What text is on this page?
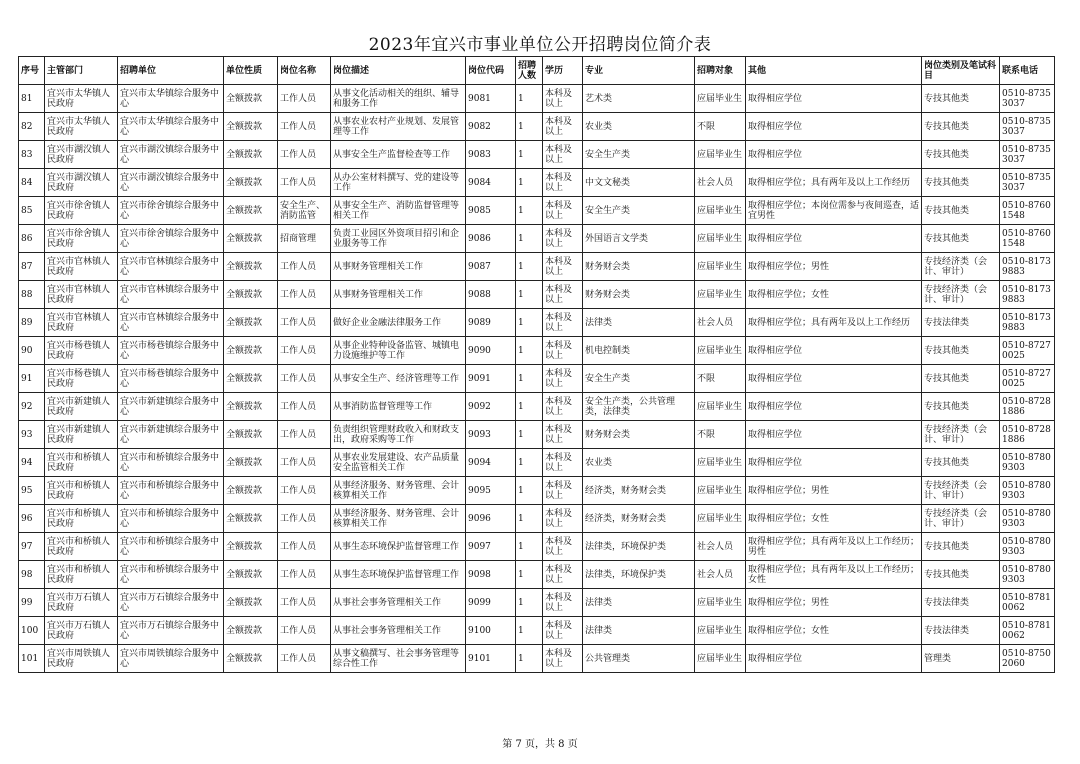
2023年宜兴市事业单位公开招聘岗位简介表
序号	主管部门	招聘单位	单位性质	岗位名称	岗位描述	岗位代码	招聘人数	学历	专业	招聘对象	其他	岗位类别及笔试科目	联系电话
81	宜兴市太华镇人民政府	宜兴市太华镇综合服务中心	全额拨款	工作人员	从事文化活动相关的组织、辅导和服务工作	9081	1	本科及以上	艺术类	应届毕业生	取得相应学位	专技其他类	0510-87353037
82	宜兴市太华镇人民政府	宜兴市太华镇综合服务中心	全额拨款	工作人员	从事农业农村产业规划、发展管理等工作	9082	1	本科及以上	农业类	不限	取得相应学位	专技其他类	0510-87353037
83	宜兴市湖㳇镇人民政府	宜兴市湖㳇镇综合服务中心	全额拨款	工作人员	从事安全生产监督检查等工作	9083	1	本科及以上	安全生产类	应届毕业生	取得相应学位	专技其他类	0510-87353037
84	宜兴市湖㳇镇人民政府	宜兴市湖㳇镇综合服务中心	全额拨款	工作人员	从办公室材料撰写、党的建设等工作	9084	1	本科及以上	中文文秘类	社会人员	取得相应学位；具有两年及以上工作经历	专技其他类	0510-87353037
85	宜兴市徐舍镇人民政府	宜兴市徐舍镇综合服务中心	全额拨款	安全生产、消防监管	从事安全生产、消防监督管理等相关工作	9085	1	本科及以上	安全生产类	应届毕业生	取得相应学位；本岗位需参与夜间巡查，适宜男性	专技其他类	0510-87601548
86	宜兴市徐舍镇人民政府	宜兴市徐舍镇综合服务中心	全额拨款	招商管理	负责工业园区外资项目招引和企业服务等工作	9086	1	本科及以上	外国语言文学类	应届毕业生	取得相应学位	专技其他类	0510-87601548
87	宜兴市官林镇人民政府	宜兴市官林镇综合服务中心	全额拨款	工作人员	从事财务管理相关工作	9087	1	本科及以上	财务财会类	应届毕业生	取得相应学位；男性	专技经济类（会计、审计）	0510-81739883
88	宜兴市官林镇人民政府	宜兴市官林镇综合服务中心	全额拨款	工作人员	从事财务管理相关工作	9088	1	本科及以上	财务财会类	应届毕业生	取得相应学位；女性	专技经济类（会计、审计）	0510-81739883
89	宜兴市官林镇人民政府	宜兴市官林镇综合服务中心	全额拨款	工作人员	做好企业金融法律服务工作	9089	1	本科及以上	法律类	社会人员	取得相应学位；具有两年及以上工作经历	专技法律类	0510-81739883
90	宜兴市杨巷镇人民政府	宜兴市杨巷镇综合服务中心	全额拨款	工作人员	从事企业特种设备监管、城镇电力设施维护等工作	9090	1	本科及以上	机电控制类	应届毕业生	取得相应学位	专技其他类	0510-87270025
91	宜兴市杨巷镇人民政府	宜兴市杨巷镇综合服务中心	全额拨款	工作人员	从事安全生产、经济管理等工作	9091	1	本科及以上	安全生产类	不限	取得相应学位	专技其他类	0510-87270025
92	宜兴市新建镇人民政府	宜兴市新建镇综合服务中心	全额拨款	工作人员	从事消防监督管理等工作	9092	1	本科及以上	安全生产类，公共管理类，法律类	应届毕业生	取得相应学位	专技其他类	0510-87281886
93	宜兴市新建镇人民政府	宜兴市新建镇综合服务中心	全额拨款	工作人员	负责组织管理财政收入和财政支出，政府采购等工作	9093	1	本科及以上	财务财会类	不限	取得相应学位	专技经济类（会计、审计）	0510-87281886
94	宜兴市和桥镇人民政府	宜兴市和桥镇综合服务中心	全额拨款	工作人员	从事农业发展建设、农产品质量安全监管相关工作	9094	1	本科及以上	农业类	应届毕业生	取得相应学位	专技其他类	0510-87809303
95	宜兴市和桥镇人民政府	宜兴市和桥镇综合服务中心	全额拨款	工作人员	从事经济服务、财务管理、会计核算相关工作	9095	1	本科及以上	经济类，财务财会类	应届毕业生	取得相应学位；男性	专技经济类（会计、审计）	0510-87809303
96	宜兴市和桥镇人民政府	宜兴市和桥镇综合服务中心	全额拨款	工作人员	从事经济服务、财务管理、会计核算相关工作	9096	1	本科及以上	经济类，财务财会类	应届毕业生	取得相应学位；女性	专技经济类（会计、审计）	0510-87809303
97	宜兴市和桥镇人民政府	宜兴市和桥镇综合服务中心	全额拨款	工作人员	从事生态环境保护监督管理工作	9097	1	本科及以上	法律类，环境保护类	社会人员	取得相应学位；具有两年及以上工作经历；男性	专技其他类	0510-87809303
98	宜兴市和桥镇人民政府	宜兴市和桥镇综合服务中心	全额拨款	工作人员	从事生态环境保护监督管理工作	9098	1	本科及以上	法律类，环境保护类	社会人员	取得相应学位；具有两年及以上工作经历；女性	专技其他类	0510-87809303
99	宜兴市万石镇人民政府	宜兴市万石镇综合服务中心	全额拨款	工作人员	从事社会事务管理相关工作	9099	1	本科及以上	法律类	应届毕业生	取得相应学位；男性	专技法律类	0510-87810062
100	宜兴市万石镇人民政府	宜兴市万石镇综合服务中心	全额拨款	工作人员	从事社会事务管理相关工作	9100	1	本科及以上	法律类	应届毕业生	取得相应学位；女性	专技法律类	0510-87810062
101	宜兴市周铁镇人民政府	宜兴市周铁镇综合服务中心	全额拨款	工作人员	从事文稿撰写、社会事务管理等综合性工作	9101	1	本科及以上	公共管理类	应届毕业生	取得相应学位	管理类	0510-87502060
第 7 页，共 8 页
